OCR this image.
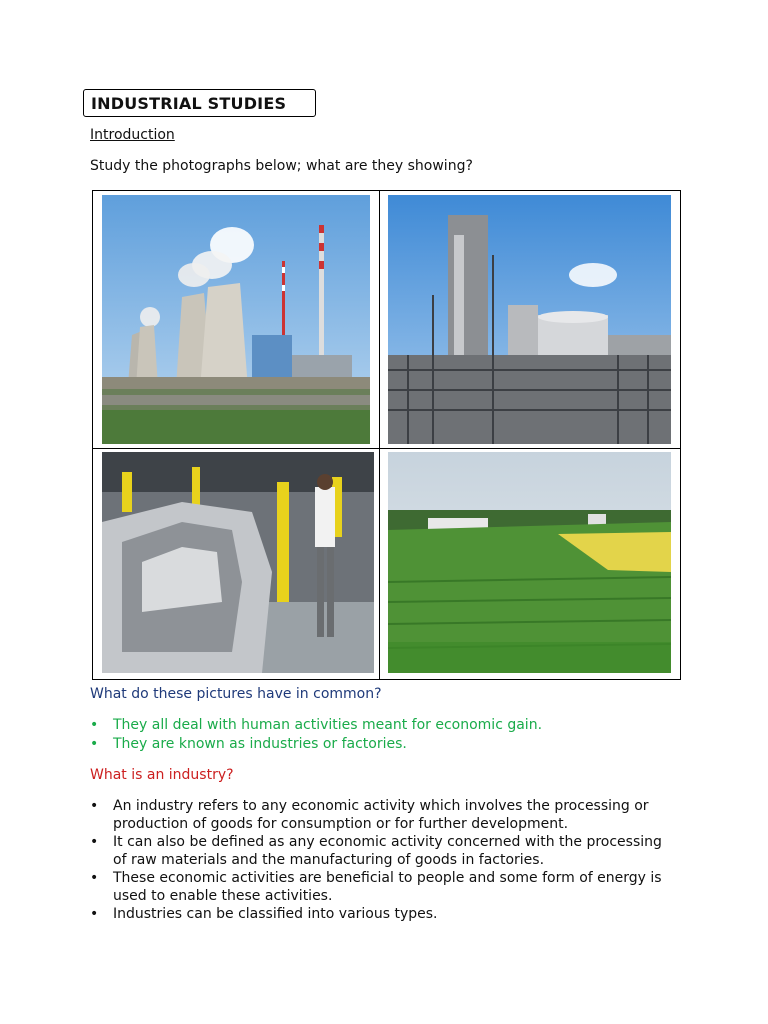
INDUSTRIAL STUDIES
Introduction
Study the photographs below; what are they showing?
What do these pictures have in common?
• They all deal with human activities meant for economic gain.
• They are known as industries or factories.
What is an industry?
• An industry refers to any economic activity which involves the processing or production of goods for consumption or for further development.
• It can also be defined as any economic activity concerned with the processing of raw materials and the manufacturing of goods in factories.
• These economic activities are beneficial to people and some form of energy is used to enable these activities.
• Industries can be classified into various types.
